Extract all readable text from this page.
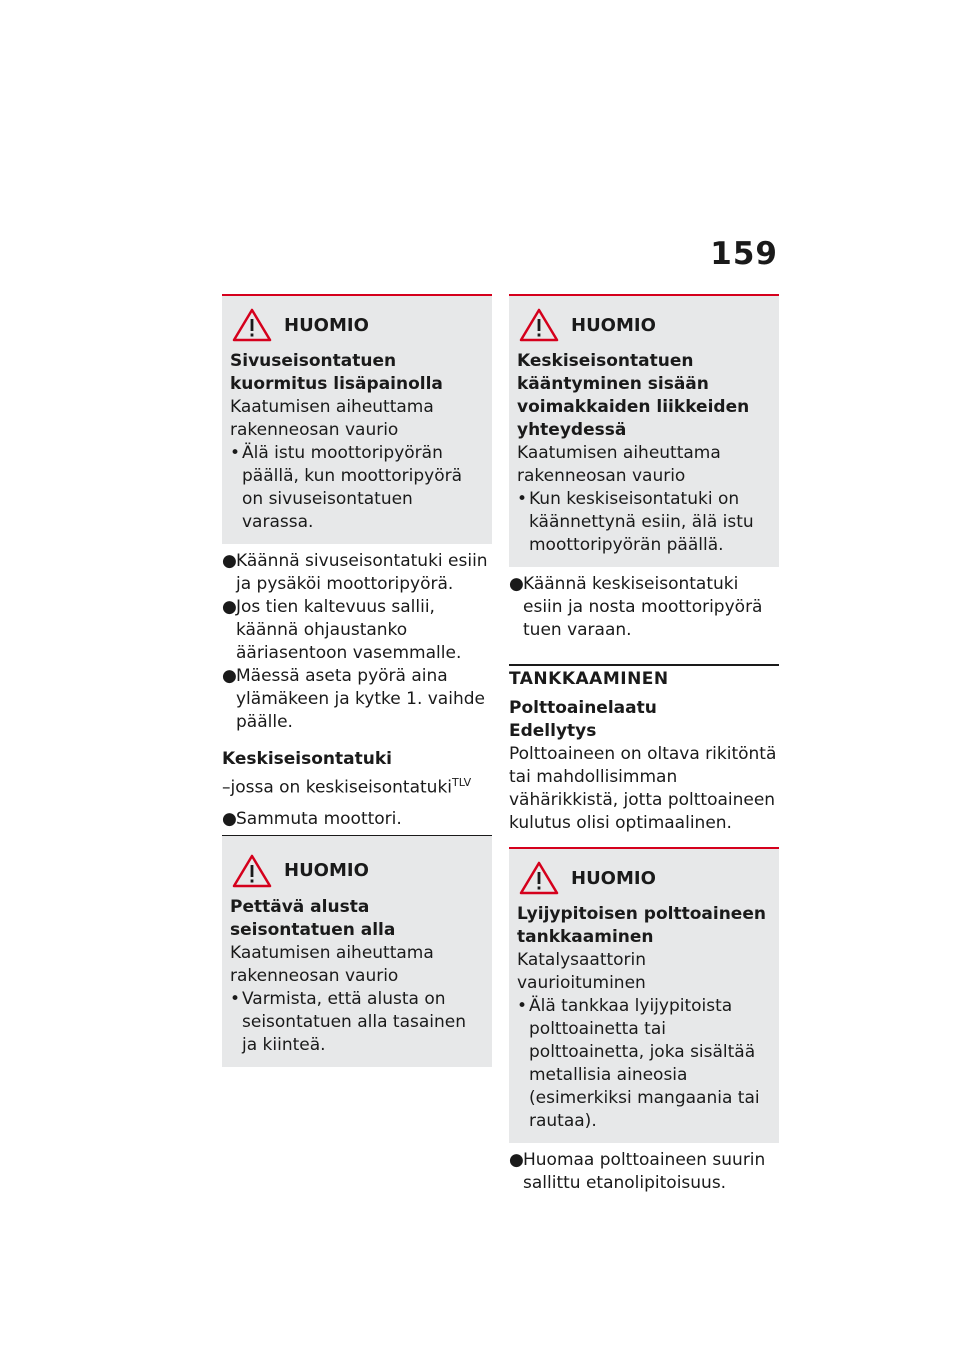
159
HUOMIO
Sivuseisontatuen kuormitus lisäpainolla
Kaatumisen aiheuttama rakenneosan vaurio
• Älä istu moottoripyörän päällä, kun moottoripyörä on sivuseisontatuen varassa.
● Käännä sivuseisontatuki esiin ja pysäköi moottoripyörä.
● Jos tien kaltevuus sallii, käännä ohjaustanko ääriasentoon vasemmalle.
● Mäessä aseta pyörä aina ylämäkeen ja kytke 1. vaihde päälle.
Keskiseisontatuki
–jossa on keskiseisontatuki$^{TLV}$
● Sammuta moottori.
HUOMIO
Pettävä alusta seisontatuen alla
Kaatumisen aiheuttama rakenneosan vaurio
• Varmista, että alusta on seisontatuen alla tasainen ja kiinteä.
HUOMIO
Keskiseisontatuen kääntyminen sisään voimakkaiden liikkeiden yhteydessä
Kaatumisen aiheuttama rakenneosan vaurio
• Kun keskiseisontatuki on käännettynä esiin, älä istu moottoripyörän päällä.
● Käännä keskiseisontatuki esiin ja nosta moottoripyörä tuen varaan.
TANKKAAMINEN
Polttoainelaatu
Edellytys
Polttoaineen on oltava rikitöntä tai mahdollisimman vähärikkistä, jotta polttoaineen kulutus olisi optimaalinen.
HUOMIO
Lyijypitoisen polttoaineen tankkaaminen
Katalysaattorin vaurioituminen
• Älä tankkaa lyijypitoista polttoainetta tai polttoainetta, joka sisältää metallisia aineosia (esimerkiksi mangaania tai rautaa).
● Huomaa polttoaineen suurin sallittu etanolipitoisuus.
